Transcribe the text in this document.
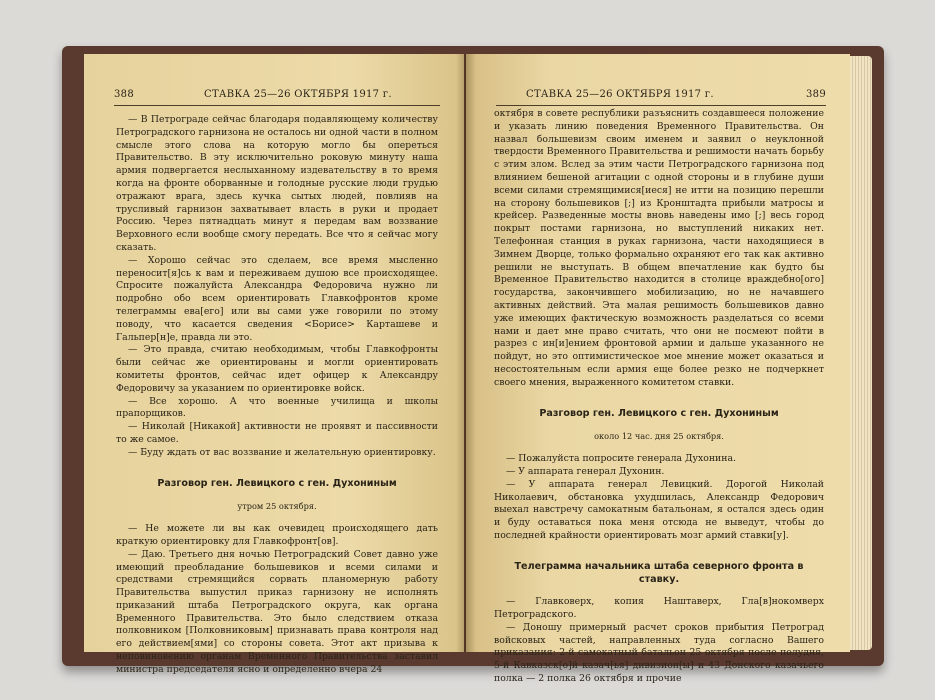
388	СТАВКА 25—26 ОКТЯБРЯ 1917 г.

— В Петрограде сейчас благодаря подавляющему количеству Петроградского гарнизона не осталось ни одной части в полном смысле этого слова на которую могло бы опереться Правительство. В эту исключительно роковую минуту наша армия подвергается неслыханному издевательству в то время когда на фронте оборванные и голодные русские люди грудью отражают врага, здесь кучка сытых людей, повлияв на трусливый гарнизон захватывает власть в руки и продает Россию. Через пятнадцать минут я передам вам воззвание Верховного если вообще смогу передать. Все что я сейчас могу сказать.

— Хорошо сейчас это сделаем, все время мысленно переносит[я]сь к вам и переживаем душою все происходящее. Спросите пожалуйста Александра Федоровича нужно ли подробно обо всем ориентировать Главкофронтов кроме телеграммы ева[его] или вы сами уже говорили по этому поводу, что касается сведения <Борисе> Карташеве и Гальпер[н]е, правда ли это.

— Это правда, считаю необходимым, чтобы Главкофронты были сейчас же ориентированы и могли ориентировать комитеты фронтов, сейчас идет офицер к Александру Федоровичу за указанием по ориентировке войск.

— Все хорошо. А что военные училища и школы прапорщиков.

— Николай [Никакой] активности не проявят и пассивности то же самое.

— Буду ждать от вас воззвание и желательную ориентировку.

Разговор ген. Левицкого с ген. Духониным
утром 25 октября.

— Не можете ли вы как очевидец происходящего дать краткую ориентировку для Главкофронт[ов].

— Даю. Третьего дня ночью Петроградский Совет давно уже имеющий преобладание большевиков и всеми силами и средствами стремящийся сорвать планомерную работу Правительства выпустил приказ гарнизону не исполнять приказаний штаба Петроградского округа, как органа Временного Правительства. Это было следствием отказа полковником [Полковниковым] признавать права контроля над его действием[ями] со стороны совета. Этот акт призыва к неповиновению органам Временного Правительства заставил министра председателя ясно и определенно вчера 24

СТАВКА 25—26 ОКТЯБРЯ 1917 г.	389

октября в совете республики разъяснить создавшееся положение и указать линию поведения Временного Правительства. Он назвал большевизм своим именем и заявил о неуклонной твердости Временного Правительства и решимости начать борьбу с этим злом. Вслед за этим части Петроградского гарнизона под влиянием бешеной агитации с одной стороны и в глубине души всеми силами стремящимися[иеся] не итти на позицию перешли на сторону большевиков [;] из Кронштадта прибыли матросы и крейсер. Разведенные мосты вновь наведены имо [;] весь город покрыт постами гарнизона, но выступлений никаких нет. Телефонная станция в руках гарнизона, части находящиеся в Зимнем Дворце, только формально охраняют его так как активно решили не выступать. В общем впечатление как будто бы Временное Правительство находится в столице враждебно[ого] государства, закончившего мобилизацию, но не начавшего активных действий. Эта малая решимость большевиков давно уже имеющих фактическую возможность разделаться со всеми нами и дает мне право считать, что они не посмеют пойти в разрез с ин[и]ением фронтовой армии и дальше указанного не пойдут, но это оптимистическое мое мнение может оказаться и несостоятельным если армия еще более резко не подчеркнет своего мнения, выраженного комитетом ставки.

Разговор ген. Левицкого с ген. Духониным
около 12 час. дня 25 октября.

— Пожалуйста попросите генерала Духонина.

— У аппарата генерал Духонин.

— У аппарата генерал Левицкий. Дорогой Николай Николаевич, обстановка ухудшилась, Александр Федорович выехал навстречу самокатным батальонам, я остался здесь один и буду оставаться пока меня отсюда не выведут, чтобы до последней крайности ориентировать мозг армий ставки[у].

Телеграмма начальника штаба северного фронта в ставку.

— Главковерх, копия Наштаверх, Гла[в]нокомверх Петроградского.

— Доношу примерный расчет сроков прибытия Петроград войсковых частей, направленных туда согласно Вашего приказания: 2-й самокатный батальон 25 октября после полудня, 5-й Кавказск[о]й казач[ья] дивизион[ы] и 43 Донского казачьего полка — 2 полка 26 октября и прочие
